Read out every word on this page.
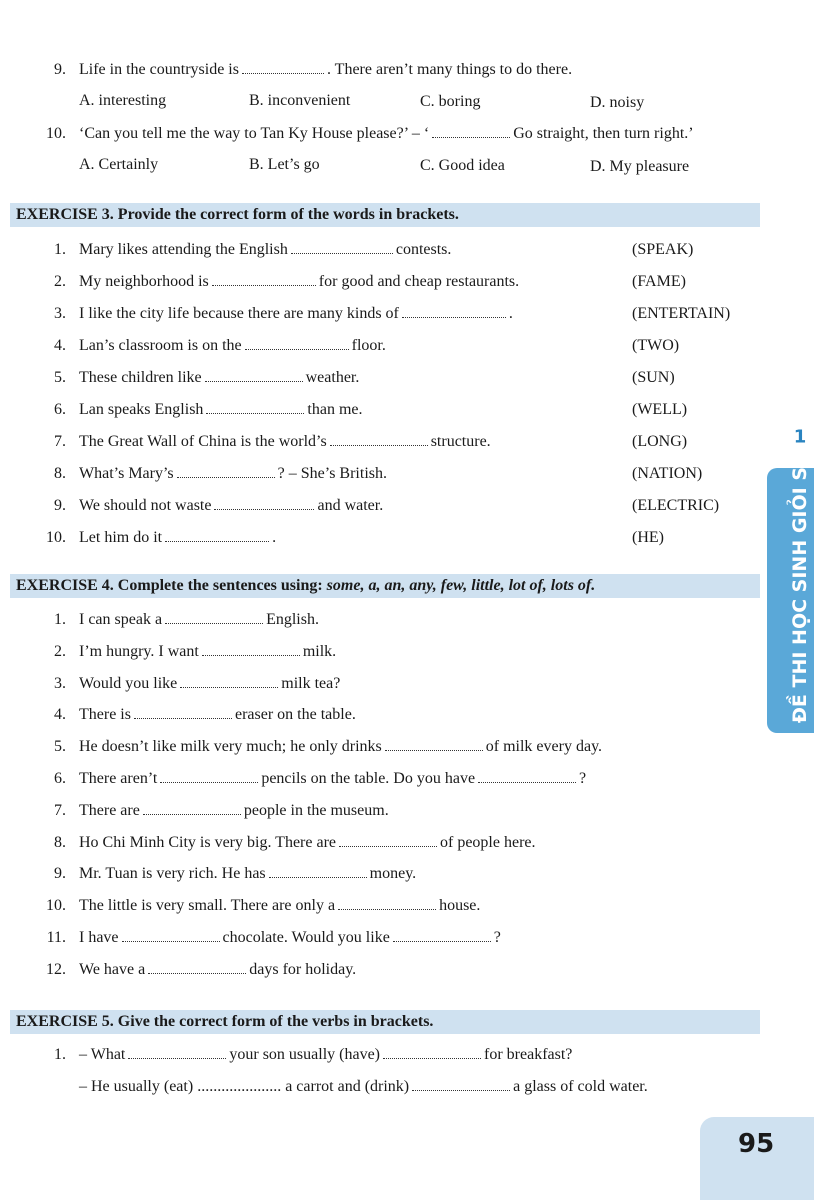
9. Life in the countryside is	. There aren’t many things to do there.
A. interesting	B. inconvenient	C. boring	D. noisy
10. ‘Can you tell me the way to Tan Ky House please?’ – ‘	Go straight, then turn right.’
A. Certainly	B. Let’s go	C. Good idea	D. My pleasure
EXERCISE 3. Provide the correct form of the words in brackets.
1. Mary likes attending the English	contests.	(SPEAK)
2. My neighborhood is	for good and cheap restaurants.	(FAME)
3. I like the city life because there are many kinds of	.	(ENTERTAIN)
4. Lan’s classroom is on the	floor.	(TWO)
5. These children like	weather.	(SUN)
6. Lan speaks English	than me.	(WELL)
7. The Great Wall of China is the world’s	structure.	(LONG)
8. What’s Mary’s	? – She’s British.	(NATION)
9. We should not waste	and water.	(ELECTRIC)
10. Let him do it	.	(HE)
EXERCISE 4. Complete the sentences using: some, a, an, any, few, little, lot of, lots of.
1. I can speak a	English.
2. I’m hungry. I want	milk.
3. Would you like	milk tea?
4. There is	eraser on the table.
5. He doesn’t like milk very much; he only drinks	of milk every day.
6. There aren’t	pencils on the table. Do you have	?
7. There are	people in the museum.
8. Ho Chi Minh City is very big. There are	of people here.
9. Mr. Tuan is very rich. He has	money.
10. The little is very small. There are only a	house.
11. I have	chocolate. Would you like	?
12. We have a	days for holiday.
EXERCISE 5. Give the correct form of the verbs in brackets.
1. – What	your son usually (have)	for breakfast?
– He usually (eat) ..................... a carrot and (drink)	a glass of cold water.
ĐỀ THI HỌC SINH GIỎI SỐ
1
95
